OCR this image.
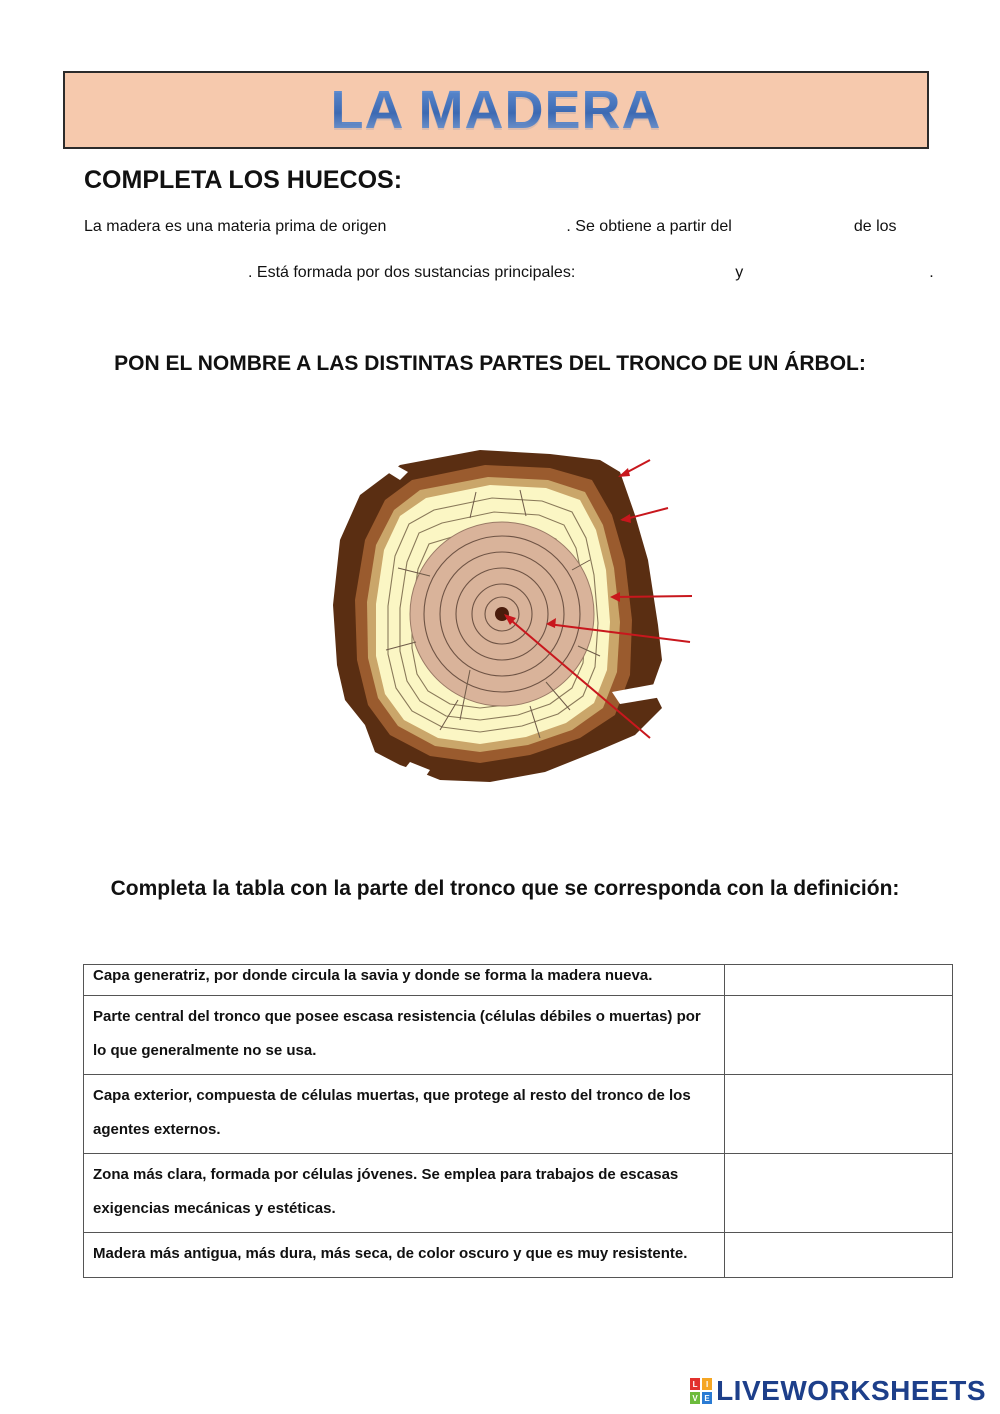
LA MADERA
COMPLETA LOS HUECOS:
La madera es una materia prima de origen	. Se obtiene a partir del	de los
. Está formada por dos sustancias principales:	y	.
PON EL NOMBRE A LAS DISTINTAS PARTES DEL TRONCO DE UN ÁRBOL:
Completa la tabla con la parte del tronco que se corresponda con la definición:
Capa generatriz, por donde circula la savia y donde se forma la madera nueva.	
Parte central del tronco que posee escasa resistencia (células débiles o muertas) por lo que generalmente no se usa.	
Capa exterior, compuesta de células muertas, que protege al resto del tronco de los agentes externos.	
Zona más clara, formada por células jóvenes. Se emplea para trabajos de escasas exigencias mecánicas y estéticas.	
Madera más antigua, más dura, más seca, de color oscuro y que es muy resistente.	
L	I
V E LIVEWORKSHEETS
